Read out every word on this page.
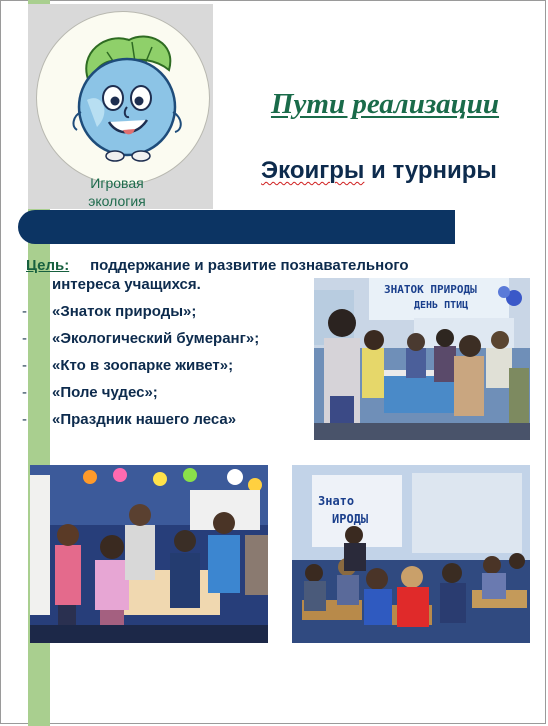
Игровая
экология
Пути реализации
Экоигры и турниры
Цель: поддержание и развитие познавательного
интереса учащихся.
-	«Знаток природы»;
-	«Экологический бумеранг»;
-	«Кто в зоопарке живет»;
-	«Поле чудес»;
-	«Праздник нашего леса»
ЗНАТОК ПРИРОДЫ
ДЕНЬ ПТИЦ
Знато
ИРОДЫ
